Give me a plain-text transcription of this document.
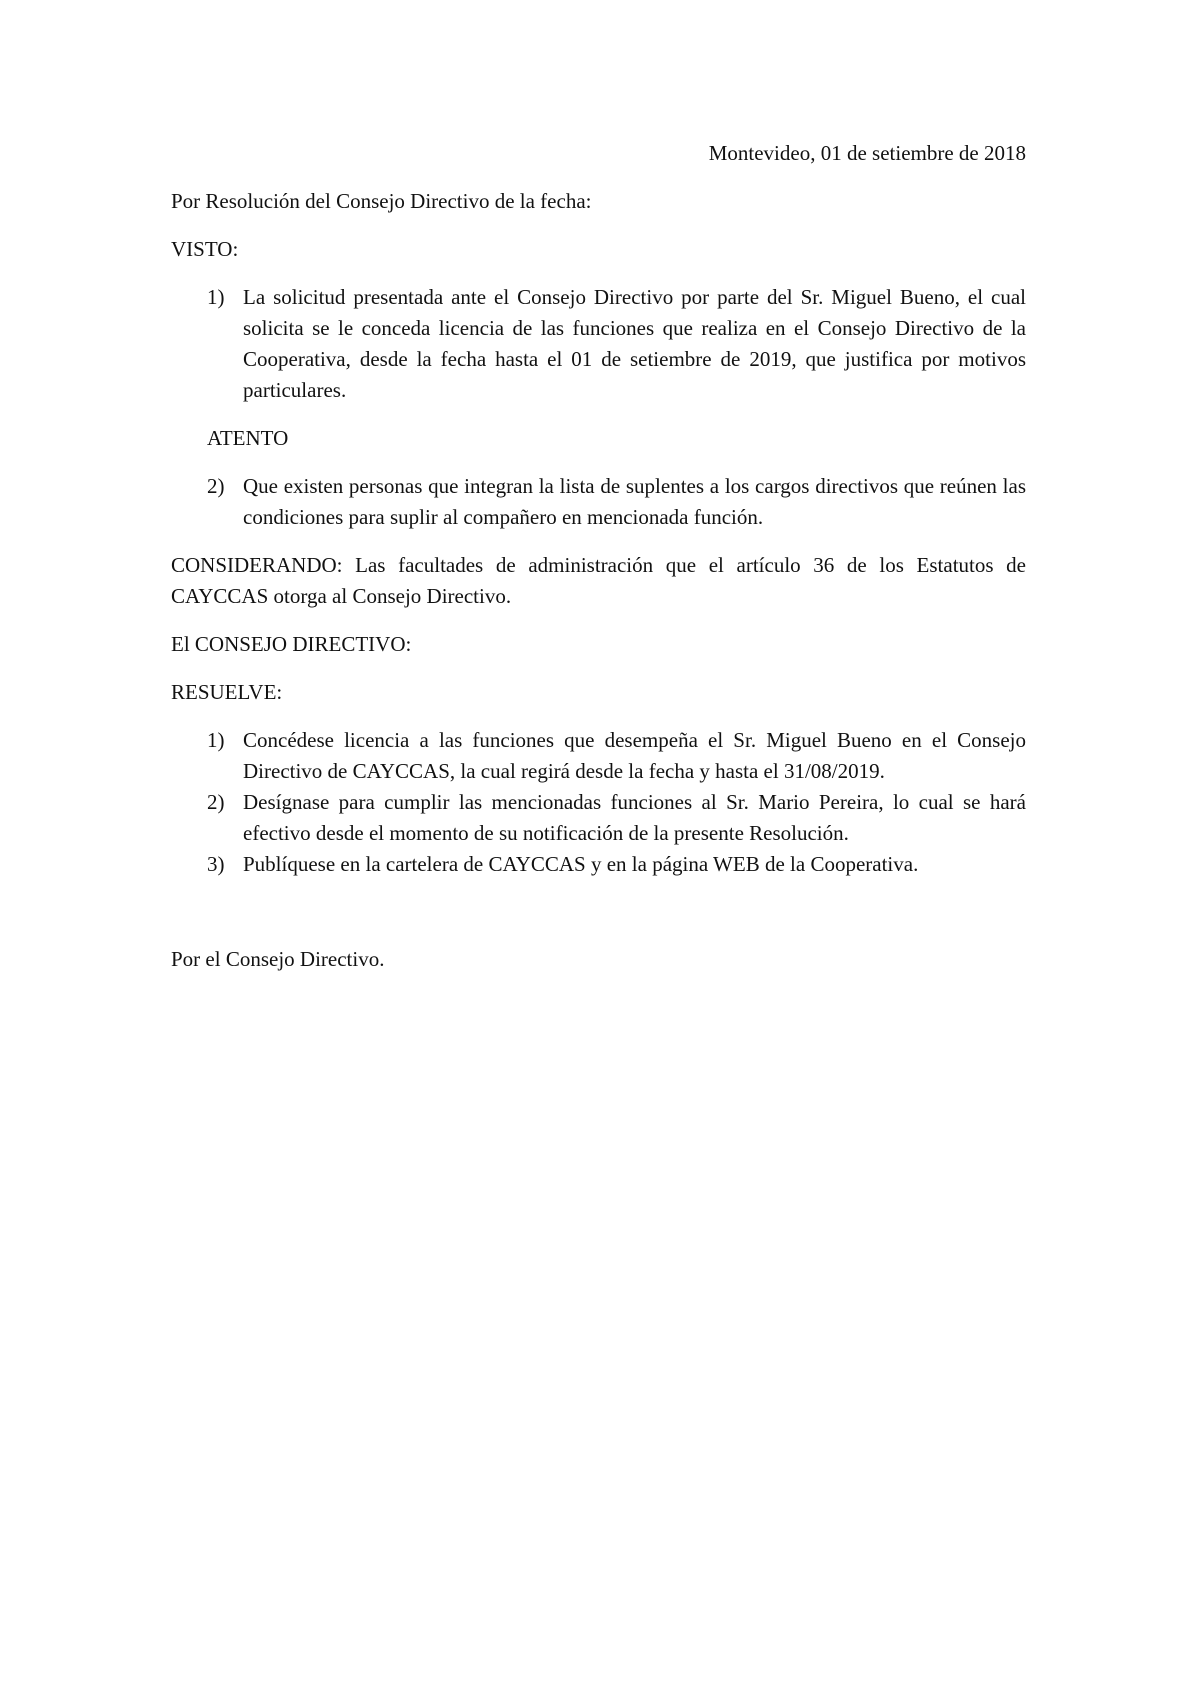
Montevideo, 01 de setiembre de 2018

Por Resolución del Consejo Directivo de la fecha:

VISTO:

1) La solicitud presentada ante el Consejo Directivo por parte del Sr. Miguel Bueno, el cual solicita se le conceda licencia de las funciones que realiza en el Consejo Directivo de la Cooperativa, desde la fecha hasta el 01 de setiembre de 2019, que justifica por motivos particulares.

ATENTO

2) Que existen personas que integran la lista de suplentes a los cargos directivos que reúnen las condiciones para suplir al compañero en mencionada función.

CONSIDERANDO: Las facultades de administración que el artículo 36 de los Estatutos de CAYCCAS otorga al Consejo Directivo.

El CONSEJO DIRECTIVO:

RESUELVE:

1) Concédese licencia a las funciones que desempeña el Sr. Miguel Bueno en el Consejo Directivo de CAYCCAS, la cual regirá desde la fecha y hasta el 31/08/2019.
2) Desígnase para cumplir las mencionadas funciones al Sr. Mario Pereira, lo cual se hará efectivo desde el momento de su notificación de la presente Resolución.
3) Publíquese en la cartelera de CAYCCAS y en la página WEB de la Cooperativa.

Por el Consejo Directivo.
